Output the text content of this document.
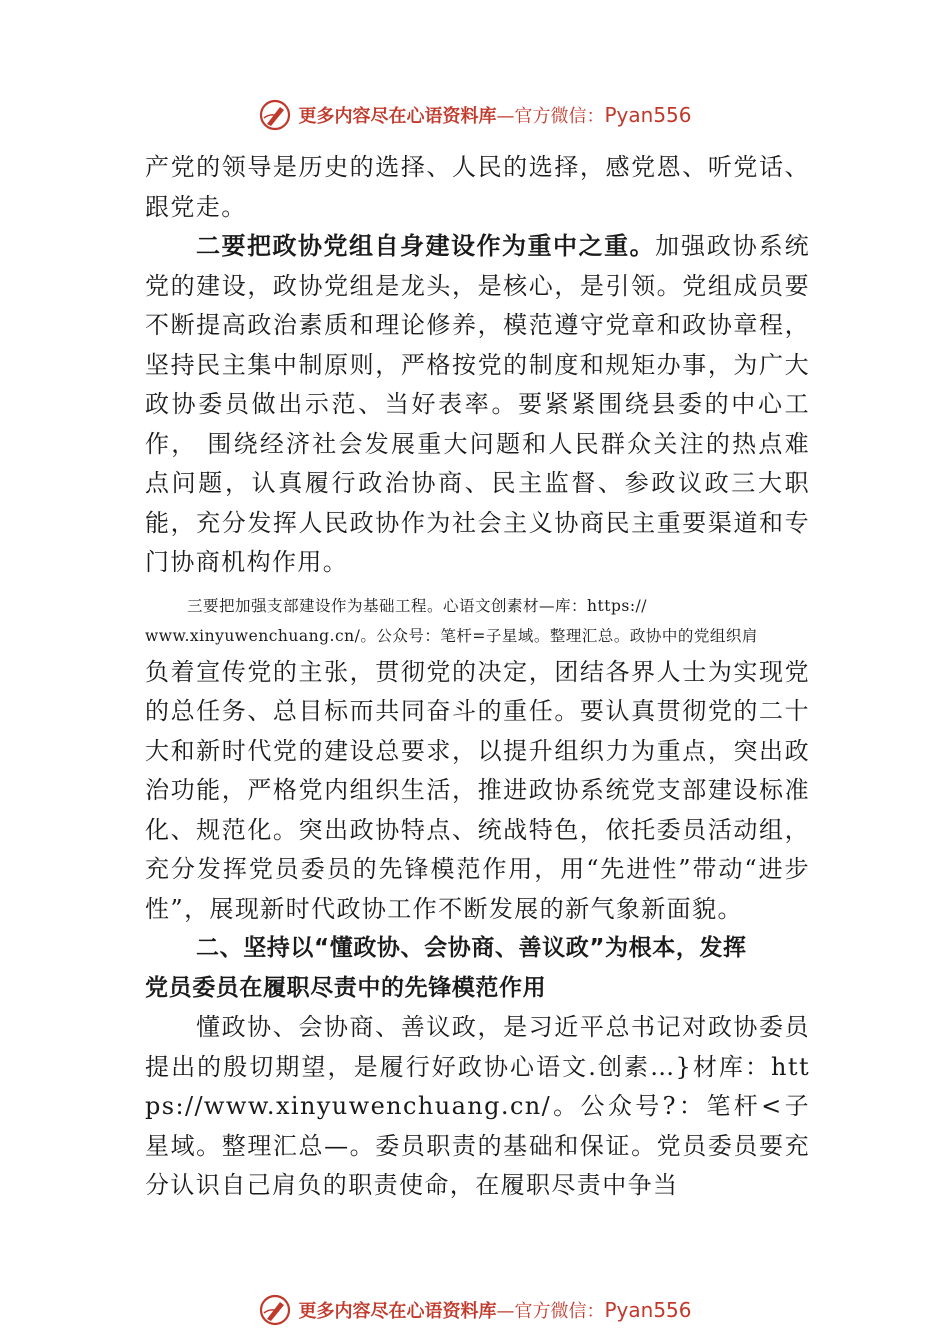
更多内容尽在心语资料库 —官方微信： Pyan556

产党的领导是历史的选择、人民的选择，感党恩、听党话、 跟党走。

二要把政协党组自身建设作为重中之重。加强政协系统党的建设，政协党组是龙头，是核心，是引领。党组成员要不断提高政治素质和理论修养，模范遵守党章和政协章程， 坚持民主集中制原则，严格按党的制度和规矩办事，为广大政协委员做出示范、当好表率。要紧紧围绕县委的中心工作， 围绕经济社会发展重大问题和人民群众关注的热点难点问题，认真履行政治协商、民主监督、参政议政三大职能，充分发挥人民政协作为社会主义协商民主重要渠道和专门协商机构作用。

三要把加强支部建设作为基础工程。心语文创素材—库：https://
www.xinyuwenchuang.cn/。公众号：笔杆=子星域。整理汇总。政协中的党组织肩

负着宣传党的主张，贯彻党的决定，团结各界人士为实现党的总任务、总目标而共同奋斗的重任。要认真贯彻党的二十大和新时代党的建设总要求，以提升组织力为重点，突出政治功能，严格党内组织生活，推进政协系统党支部建设标准化、规范化。突出政协特点、统战特色，依托委员活动组， 充分发挥党员委员的先锋模范作用，用“先进性”带动“进步性”，展现新时代政协工作不断发展的新气象新面貌。

二、坚持以“懂政协、会协商、善议政”为根本，发挥
党员委员在履职尽责中的先锋模范作用

懂政协、会协商、善议政，是习近平总书记对政协委员提出的殷切期望，是履行好政协心语文.创素…}材库：https://www.xinyuwenchuang.cn/。公众号?：笔杆<子星域。整理汇总—。委员职责的基础和保证。党员委员要充分认识自己肩负的职责使命，在履职尽责中争当

更多内容尽在心语资料库 —官方微信： Pyan556
